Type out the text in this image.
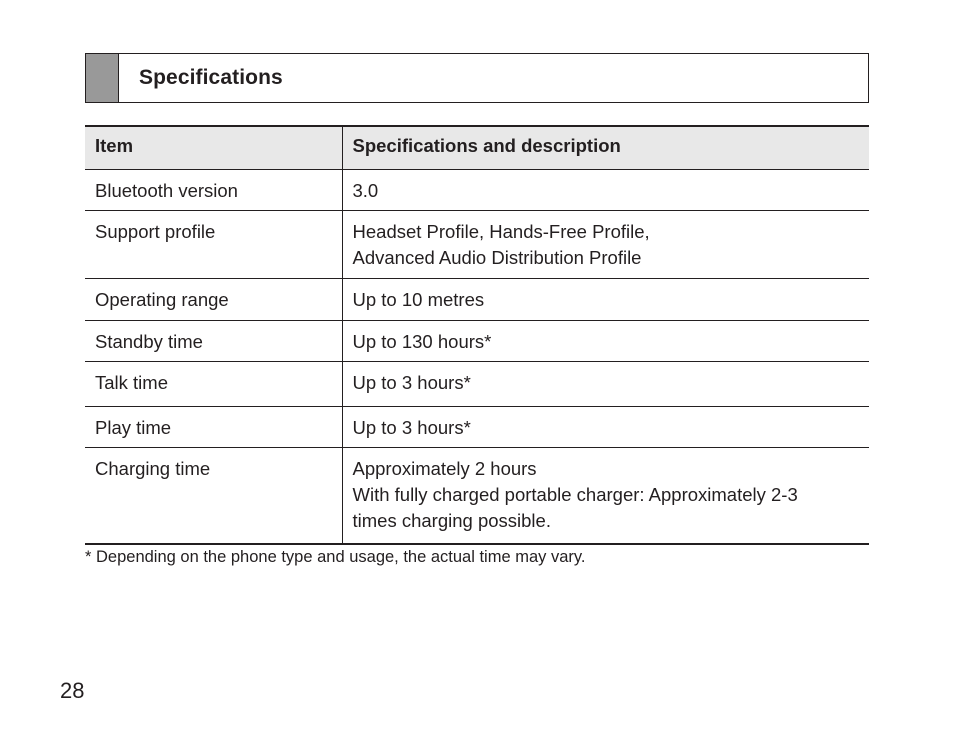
Specifications
Item	Specifications and description
Bluetooth version	3.0

Support profile	Headset Profile, Hands-Free Profile,
Advanced Audio Distribution Profile

Operating range	Up to 10 metres

Standby time	Up to 130 hours*

Talk time	Up to 3 hours*

Play time	Up to 3 hours*

Charging time	Approximately 2 hours
With fully charged portable charger: Approximately 2-3
times charging possible.
* Depending on the phone type and usage, the actual time may vary.
28
